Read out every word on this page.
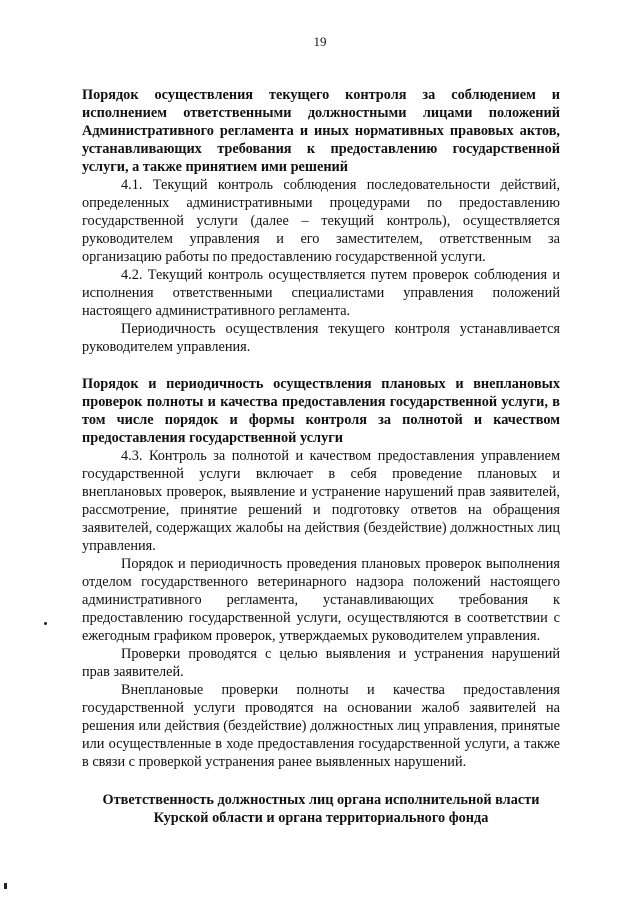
19

Порядок осуществления текущего контроля за соблюдением и исполнением ответственными должностными лицами положений Административного регламента и иных нормативных правовых актов, устанавливающих требования к предоставлению государственной услуги, а также принятием ими решений

4.1. Текущий контроль соблюдения последовательности действий, определенных административными процедурами по предоставлению государственной услуги (далее – текущий контроль), осуществляется руководителем управления и его заместителем, ответственным за организацию работы по предоставлению государственной услуги.

4.2. Текущий контроль осуществляется путем проверок соблюдения и исполнения ответственными специалистами управления положений настоящего административного регламента.

Периодичность осуществления текущего контроля устанавливается руководителем управления.

Порядок и периодичность осуществления плановых и внеплановых проверок полноты и качества предоставления государственной услуги, в том числе порядок и формы контроля за полнотой и качеством предоставления государственной услуги

4.3. Контроль за полнотой и качеством предоставления управлением государственной услуги включает в себя проведение плановых и внеплановых проверок, выявление и устранение нарушений прав заявителей, рассмотрение, принятие решений и подготовку ответов на обращения заявителей, содержащих жалобы на действия (бездействие) должностных лиц управления.

Порядок и периодичность проведения плановых проверок выполнения отделом государственного ветеринарного надзора положений настоящего административного регламента, устанавливающих требования к предоставлению государственной услуги, осуществляются в соответствии с ежегодным графиком проверок, утверждаемых руководителем управления.

Проверки проводятся с целью выявления и устранения нарушений прав заявителей.

Внеплановые проверки полноты и качества предоставления государственной услуги проводятся на основании жалоб заявителей на решения или действия (бездействие) должностных лиц управления, принятые или осуществленные в ходе предоставления государственной услуги, а также в связи с проверкой устранения ранее выявленных нарушений.

Ответственность должностных лиц органа исполнительной власти Курской области и органа территориального фонда
